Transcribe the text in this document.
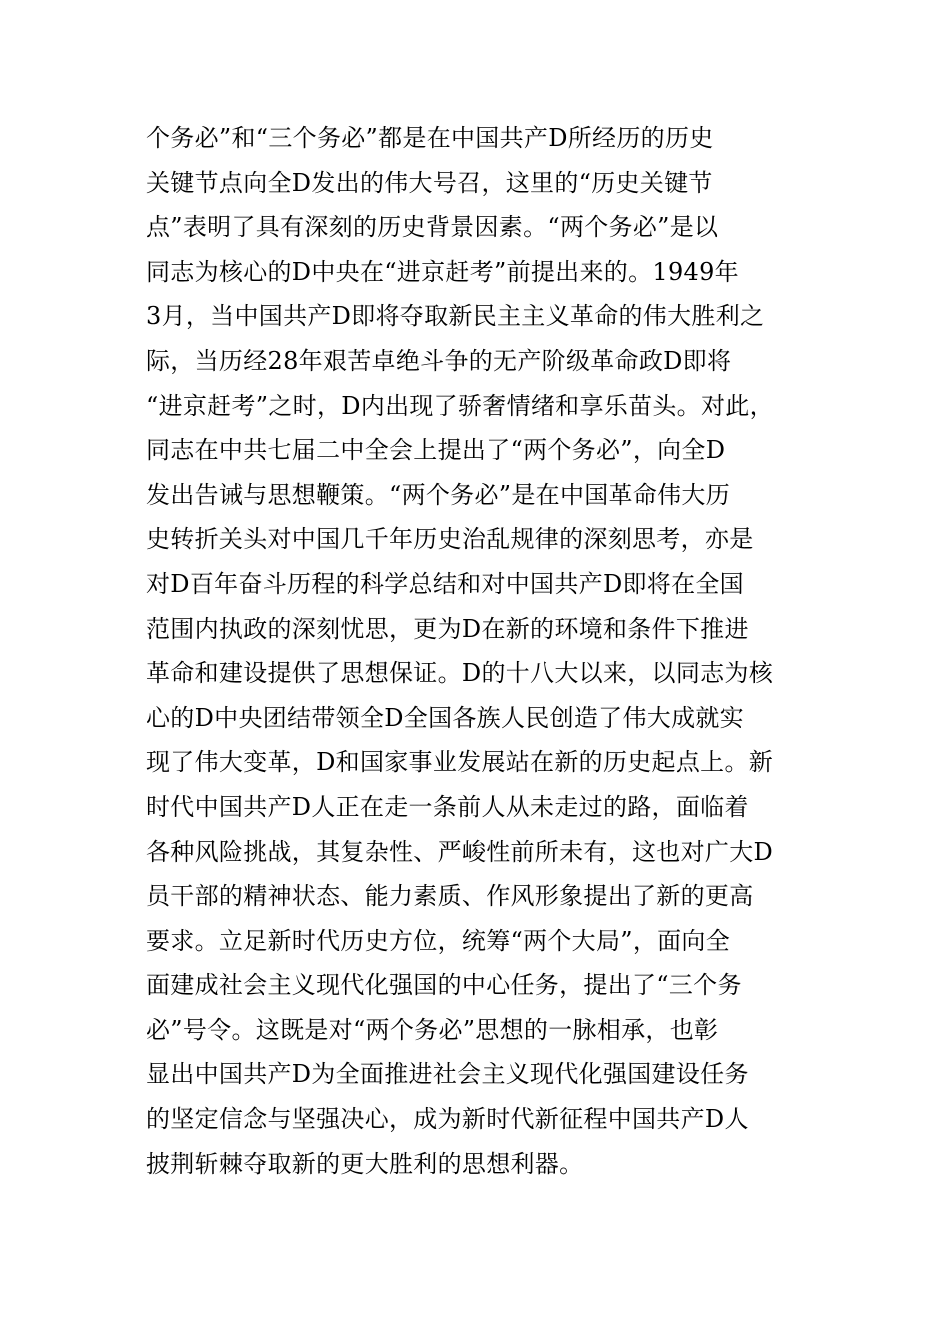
个务必”和“三个务必”都是在中国共产D所经历的历史
关键节点向全D发出的伟大号召，这里的“历史关键节
点”表明了具有深刻的历史背景因素。“两个务必”是以
同志为核心的D中央在“进京赶考”前提出来的。1949年
3月，当中国共产D即将夺取新民主主义革命的伟大胜利之
际，当历经28年艰苦卓绝斗争的无产阶级革命政D即将
“进京赶考”之时，D内出现了骄奢情绪和享乐苗头。对此，
同志在中共七届二中全会上提出了“两个务必”，向全D
发出告诫与思想鞭策。“两个务必”是在中国革命伟大历
史转折关头对中国几千年历史治乱规律的深刻思考，亦是
对D百年奋斗历程的科学总结和对中国共产D即将在全国
范围内执政的深刻忧思，更为D在新的环境和条件下推进
革命和建设提供了思想保证。D的十八大以来，以同志为核
心的D中央团结带领全D全国各族人民创造了伟大成就实
现了伟大变革，D和国家事业发展站在新的历史起点上。新
时代中国共产D人正在走一条前人从未走过的路，面临着
各种风险挑战，其复杂性、严峻性前所未有，这也对广大D
员干部的精神状态、能力素质、作风形象提出了新的更高
要求。立足新时代历史方位，统筹“两个大局”，面向全
面建成社会主义现代化强国的中心任务，提出了“三个务
必”号令。这既是对“两个务必”思想的一脉相承，也彰
显出中国共产D为全面推进社会主义现代化强国建设任务
的坚定信念与坚强决心，成为新时代新征程中国共产D人
披荆斩棘夺取新的更大胜利的思想利器。
